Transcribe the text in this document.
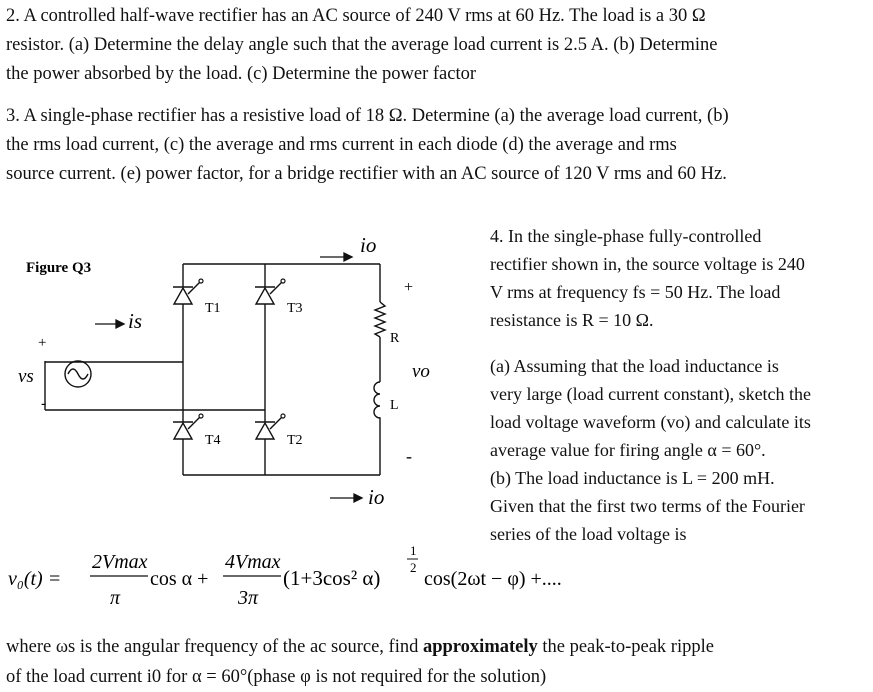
2. A controlled half-wave rectifier has an AC source of 240 V rms at 60 Hz. The load is a 30 Ω

resistor. (a) Determine the delay angle such that the average load current is 2.5 A. (b) Determine

the power absorbed by the load. (c) Determine the power factor

3. A single-phase rectifier has a resistive load of 18 Ω. Determine (a) the average load current, (b)

the rms load current, (c) the average and rms current in each diode (d) the average and rms

source current. (e) power factor, for a bridge rectifier with an AC source of 120 V rms and 60 Hz.

4. In the single-phase fully-controlled

rectifier shown in, the source voltage is 240

V rms at frequency fs = 50 Hz. The load

resistance is R = 10 Ω.

(a) Assuming that the load inductance is

very large (load current constant), sketch the

load voltage waveform (vo) and calculate its

average value for firing angle α = 60°.

(b) The load inductance is L = 200 mH.

Given that the first two terms of the Fourier

series of the load voltage is

Figure Q3
T1	T3
T4	T2
io
is
io
vs	vo
R
L
+
-
+
-
v₀(t) =
2Vmax
π
cos α +
4Vmax
3π
(1+3cos² α)
1
2
cos(2ωt − φ) +....

where ωs is the angular frequency of the ac source, find approximately the peak-to-peak ripple

of the load current i0 for α = 60°(phase φ is not required for the solution)
